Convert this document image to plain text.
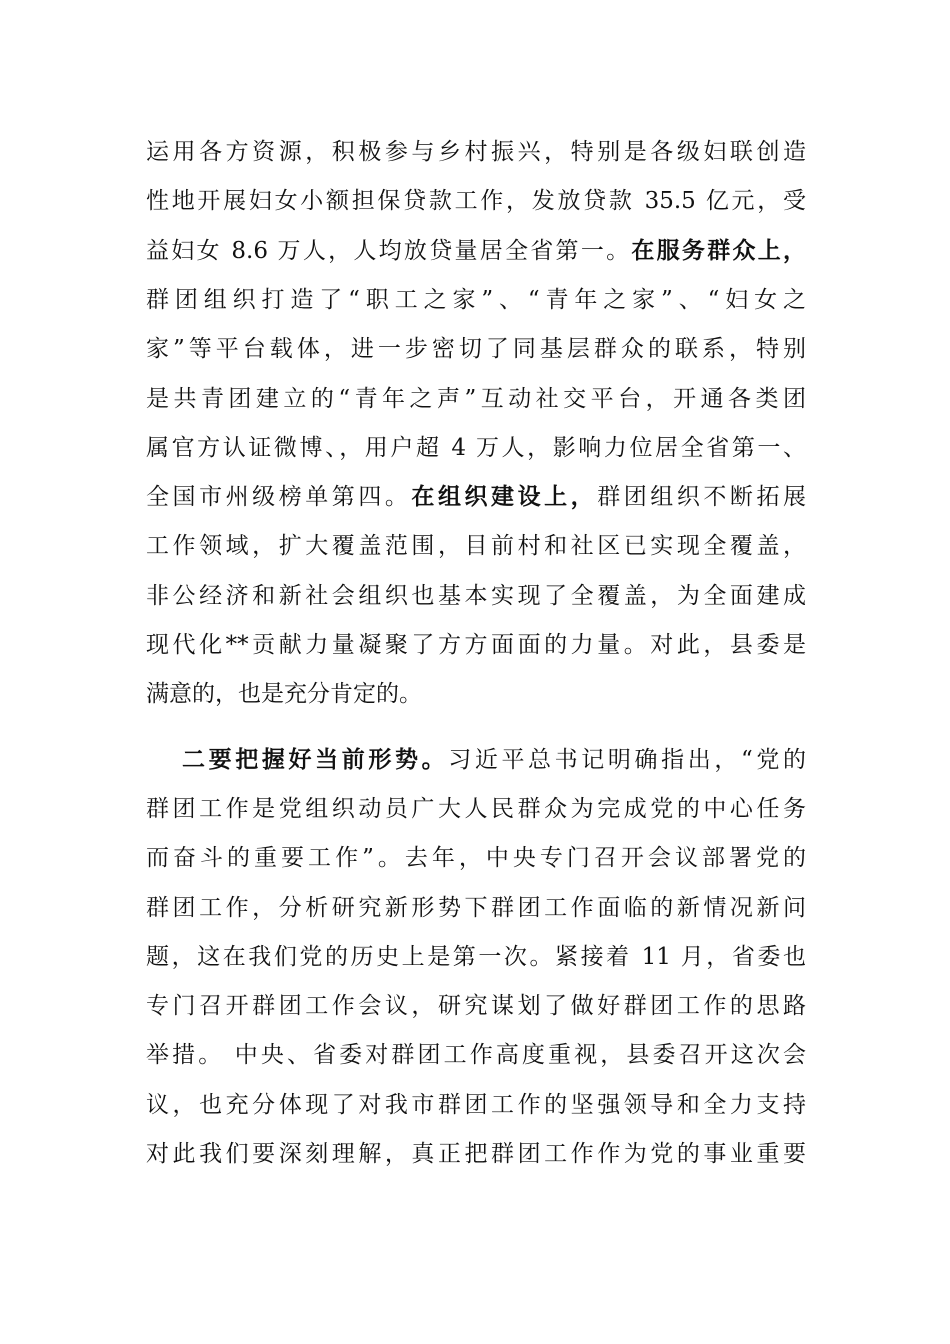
运用各方资源，积极参与乡村振兴，特别是各级妇联创造
性地开展妇女小额担保贷款工作，发放贷款 35.5 亿元，受
益妇女 8.6 万人，人均放贷量居全省第一。在服务群众上，
群团组织打造了“职工之家”、“青年之家”、“妇女之
家”等平台载体，进一步密切了同基层群众的联系，特别
是共青团建立的“青年之声”互动社交平台，开通各类团
属官方认证微博、，用户超 4 万人，影响力位居全省第一、
全国市州级榜单第四。在组织建设上，群团组织不断拓展
工作领域，扩大覆盖范围，目前村和社区已实现全覆盖，
非公经济和新社会组织也基本实现了全覆盖，为全面建成
现代化**贡献力量凝聚了方方面面的力量。对此，县委是
满意的，也是充分肯定的。
二要把握好当前形势。习近平总书记明确指出，“党的
群团工作是党组织动员广大人民群众为完成党的中心任务
而奋斗的重要工作”。去年，中央专门召开会议部署党的
群团工作，分析研究新形势下群团工作面临的新情况新问
题，这在我们党的历史上是第一次。紧接着 11 月，省委也
专门召开群团工作会议，研究谋划了做好群团工作的思路
举措。 中央、省委对群团工作高度重视，县委召开这次会
议，也充分体现了对我市群团工作的坚强领导和全力支持
对此我们要深刻理解，真正把群团工作作为党的事业重要
